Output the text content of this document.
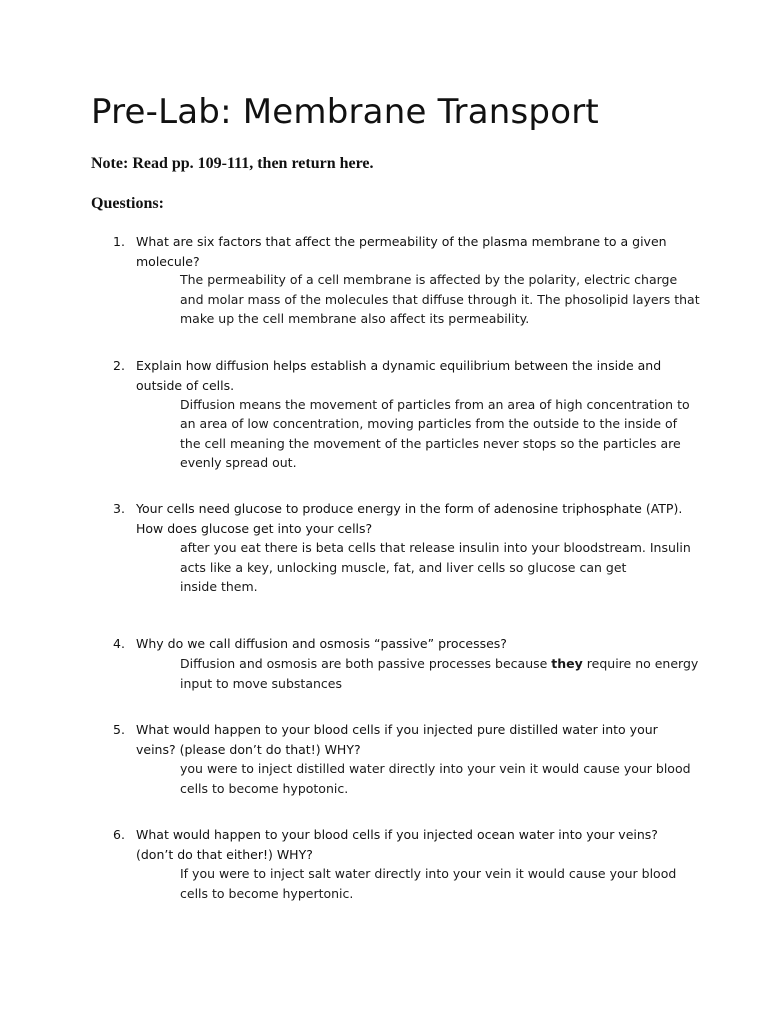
Pre-Lab: Membrane Transport
Note: Read pp. 109-111, then return here.
Questions:
1. What are six factors that affect the permeability of the plasma membrane to a given
molecule?
The permeability of a cell membrane is affected by the polarity, electric charge
and molar mass of the molecules that diffuse through it. The phosolipid layers that
make up the cell membrane also affect its permeability.
2. Explain how diffusion helps establish a dynamic equilibrium between the inside and
outside of cells.
Diffusion means the movement of particles from an area of high concentration to
an area of low concentration, moving particles from the outside to the inside of
the cell meaning the movement of the particles never stops so the particles are
evenly spread out.
3. Your cells need glucose to produce energy in the form of adenosine triphosphate (ATP).
How does glucose get into your cells?
after you eat there is beta cells that release insulin into your bloodstream. Insulin
acts like a key, unlocking muscle, fat, and liver cells so glucose can get
inside them.
4. Why do we call diffusion and osmosis “passive” processes?
Diffusion and osmosis are both passive processes because they require no energy
input to move substances
5. What would happen to your blood cells if you injected pure distilled water into your
veins? (please don’t do that!) WHY?
you were to inject distilled water directly into your vein it would cause your blood
cells to become hypotonic.
6. What would happen to your blood cells if you injected ocean water into your veins?
(don’t do that either!) WHY?
If you were to inject salt water directly into your vein it would cause your blood
cells to become hypertonic.
